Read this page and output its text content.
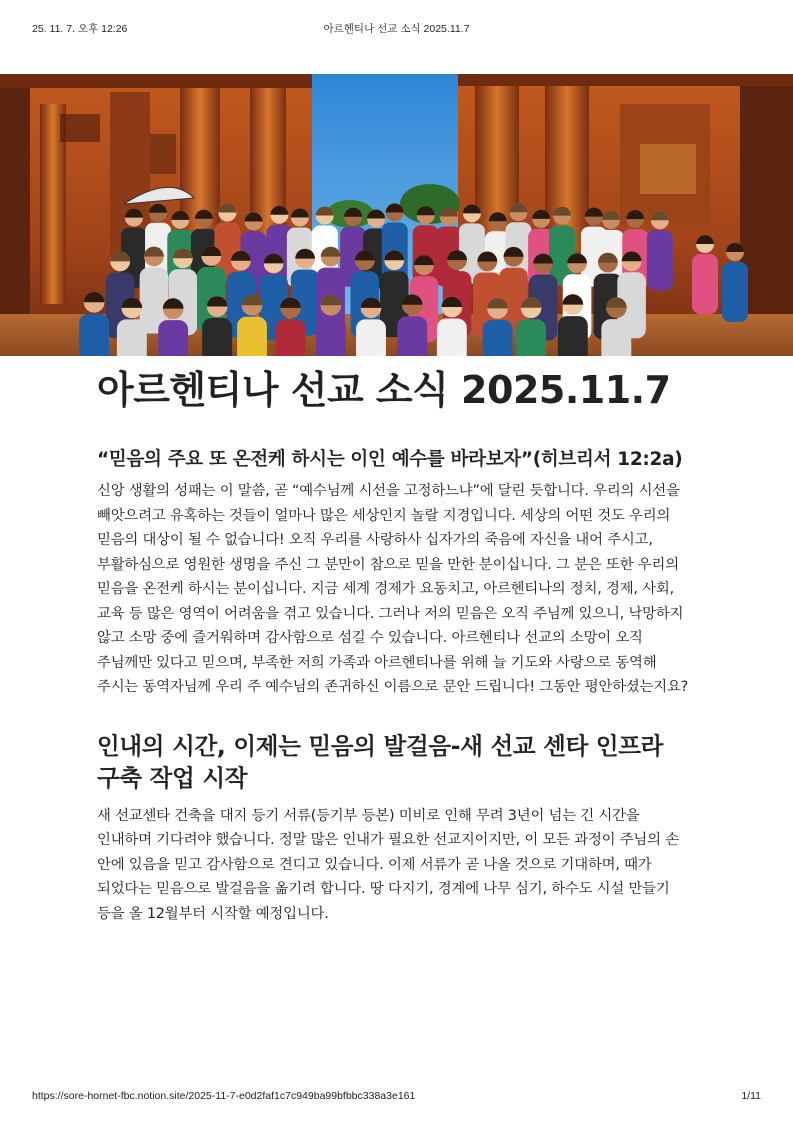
25. 11. 7. 오후 12:26	아르헨티나 선교 소식 2025.11.7
아르헨티나 선교 소식 2025.11.7
“믿음의 주요 또 온전케 하시는 이인 예수를 바라보자”(히브리서 12:2a)

신앙 생활의 성패는 이 말씀, 곧 “예수님께 시선을 고정하느냐”에 달린 듯합니다. 우리의 시선을 빼앗으려고 유혹하는 것들이 얼마나 많은 세상인지 놀랄 지경입니다. 세상의 어떤 것도 우리의 믿음의 대상이 될 수 없습니다! 오직 우리를 사랑하사 십자가의 죽음에 자신을 내어 주시고, 부활하심으로 영원한 생명을 주신 그 분만이 참으로 믿을 만한 분이십니다. 그 분은 또한 우리의 믿음을 온전케 하시는 분이십니다. 지금 세계 경제가 요동치고, 아르헨티나의 정치, 경제, 사회, 교육 등 많은 영역이 어려움을 겪고 있습니다. 그러나 저의 믿음은 오직 주님께 있으니, 낙망하지 않고 소망 중에 즐거워하며 감사함으로 섬길 수 있습니다. 아르헨티나 선교의 소망이 오직 주님께만 있다고 믿으며, 부족한 저희 가족과 아르헨티나를 위해 늘 기도와 사랑으로 동역해 주시는 동역자님께 우리 주 예수님의 존귀하신 이름으로 문안 드립니다! 그동안 평안하셨는지요?

인내의 시간, 이제는 믿음의 발걸음-새 선교 센타 인프라 구축 작업 시작

새 선교센타 건축을 대지 등기 서류(등기부 등본) 미비로 인해 무려 3년이 넘는 긴 시간을 인내하며 기다려야 했습니다. 정말 많은 인내가 필요한 선교지이지만, 이 모든 과정이 주님의 손 안에 있음을 믿고 감사함으로 견디고 있습니다. 이제 서류가 곧 나올 것으로 기대하며, 때가 되었다는 믿음으로 발걸음을 옮기려 합니다. 땅 다지기, 경계에 나무 심기, 하수도 시설 만들기 등을 올 12월부터 시작할 예정입니다.

https://sore-hornet-fbc.notion.site/2025-11-7-e0d2faf1c7c949ba99bfbbc338a3e161	1/11
